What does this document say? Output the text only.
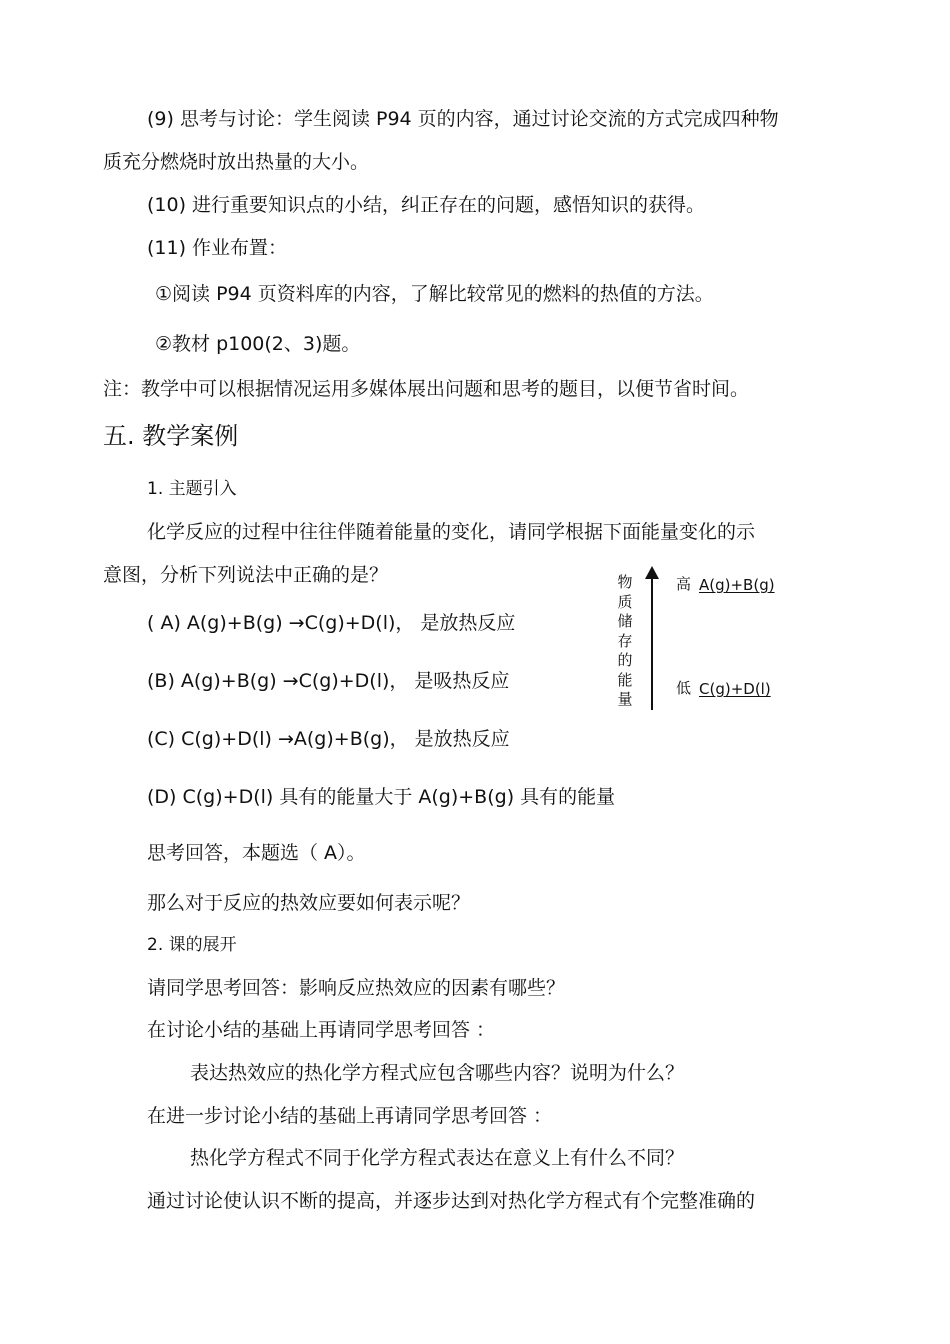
(9) 思考与讨论：学生阅读 P94 页的内容，通过讨论交流的方式完成四种物
质充分燃烧时放出热量的大小。
(10) 进行重要知识点的小结，纠正存在的问题，感悟知识的获得。
(11) 作业布置：
①阅读 P94 页资料库的内容，了解比较常见的燃料的热值的方法。
②教材 p100(2、3)题。
注：教学中可以根据情况运用多媒体展出问题和思考的题目，以便节省时间。
五. 教学案例
1. 主题引入
化学反应的过程中往往伴随着能量的变化，请同学根据下面能量变化的示
意图，分析下列说法中正确的是？
( A) A(g)+B(g) →C(g)+D(l)， 是放热反应
(B) A(g)+B(g) →C(g)+D(l)， 是吸热反应
(C) C(g)+D(l) →A(g)+B(g)， 是放热反应
(D) C(g)+D(l) 具有的能量大于 A(g)+B(g) 具有的能量
思考回答，本题选（ A）。
那么对于反应的热效应要如何表示呢？
2. 课的展开
请同学思考回答：影响反应热效应的因素有哪些？
在讨论小结的基础上再请同学思考回答 ：
表达热效应的热化学方程式应包含哪些内容？说明为什么？
在进一步讨论小结的基础上再请同学思考回答 ：
热化学方程式不同于化学方程式表达在意义上有什么不同？
通过讨论使认识不断的提高，并逐步达到对热化学方程式有个完整准确的
物质储存的能量
高 A(g)+B(g)
低 C(g)+D(l)
